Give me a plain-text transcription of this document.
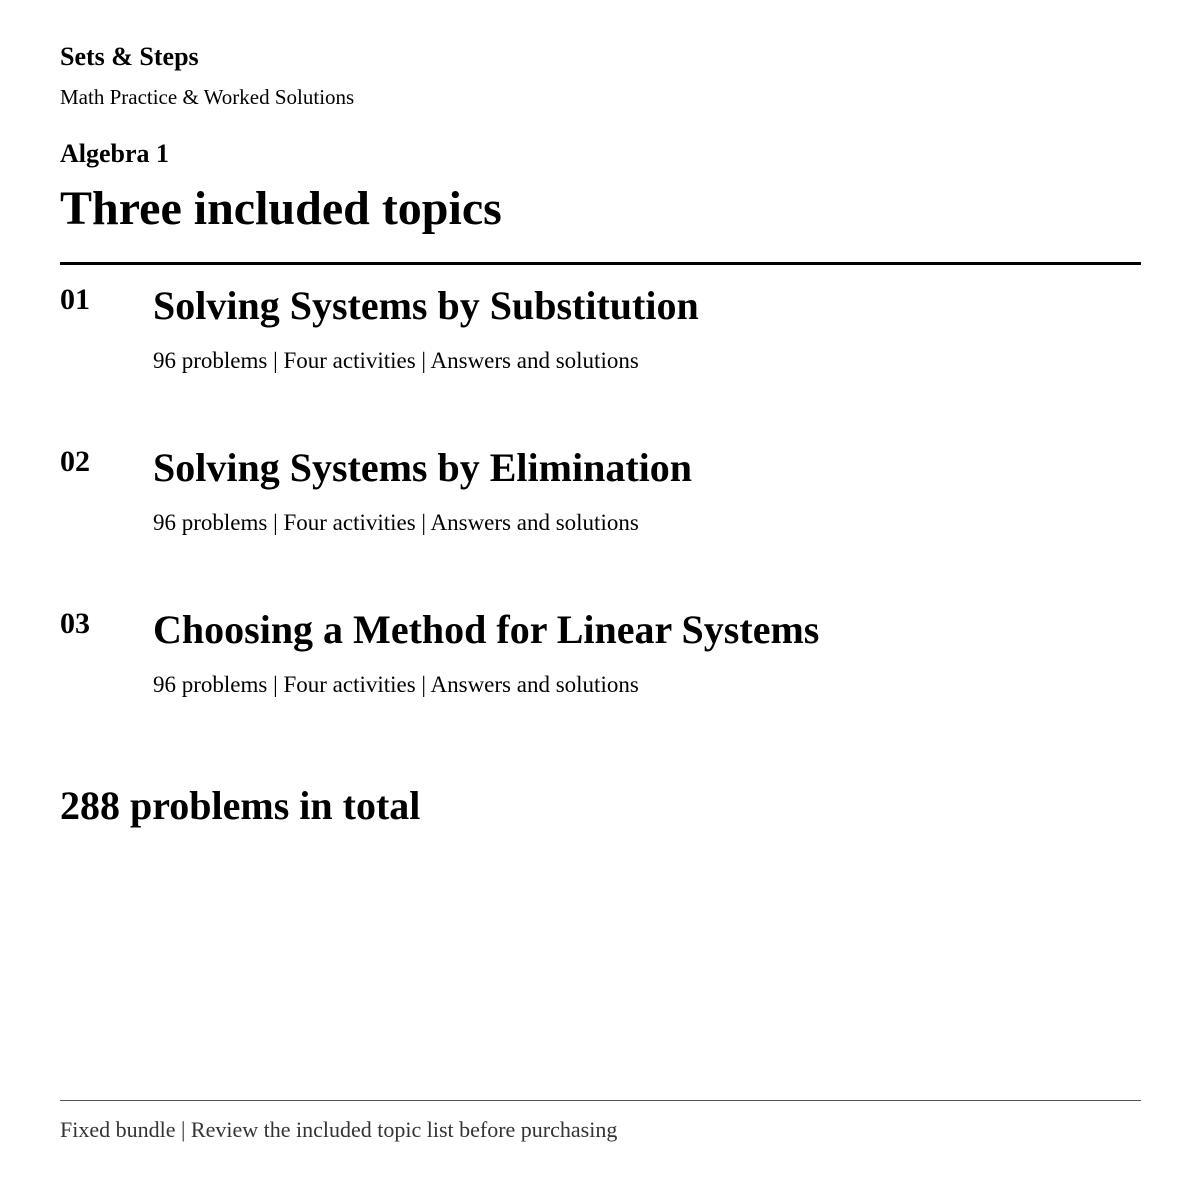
Sets & Steps
Math Practice & Worked Solutions
Algebra 1
Three included topics
01 Solving Systems by Substitution
96 problems | Four activities | Answers and solutions
02 Solving Systems by Elimination
96 problems | Four activities | Answers and solutions
03 Choosing a Method for Linear Systems
96 problems | Four activities | Answers and solutions
288 problems in total
Fixed bundle | Review the included topic list before purchasing
